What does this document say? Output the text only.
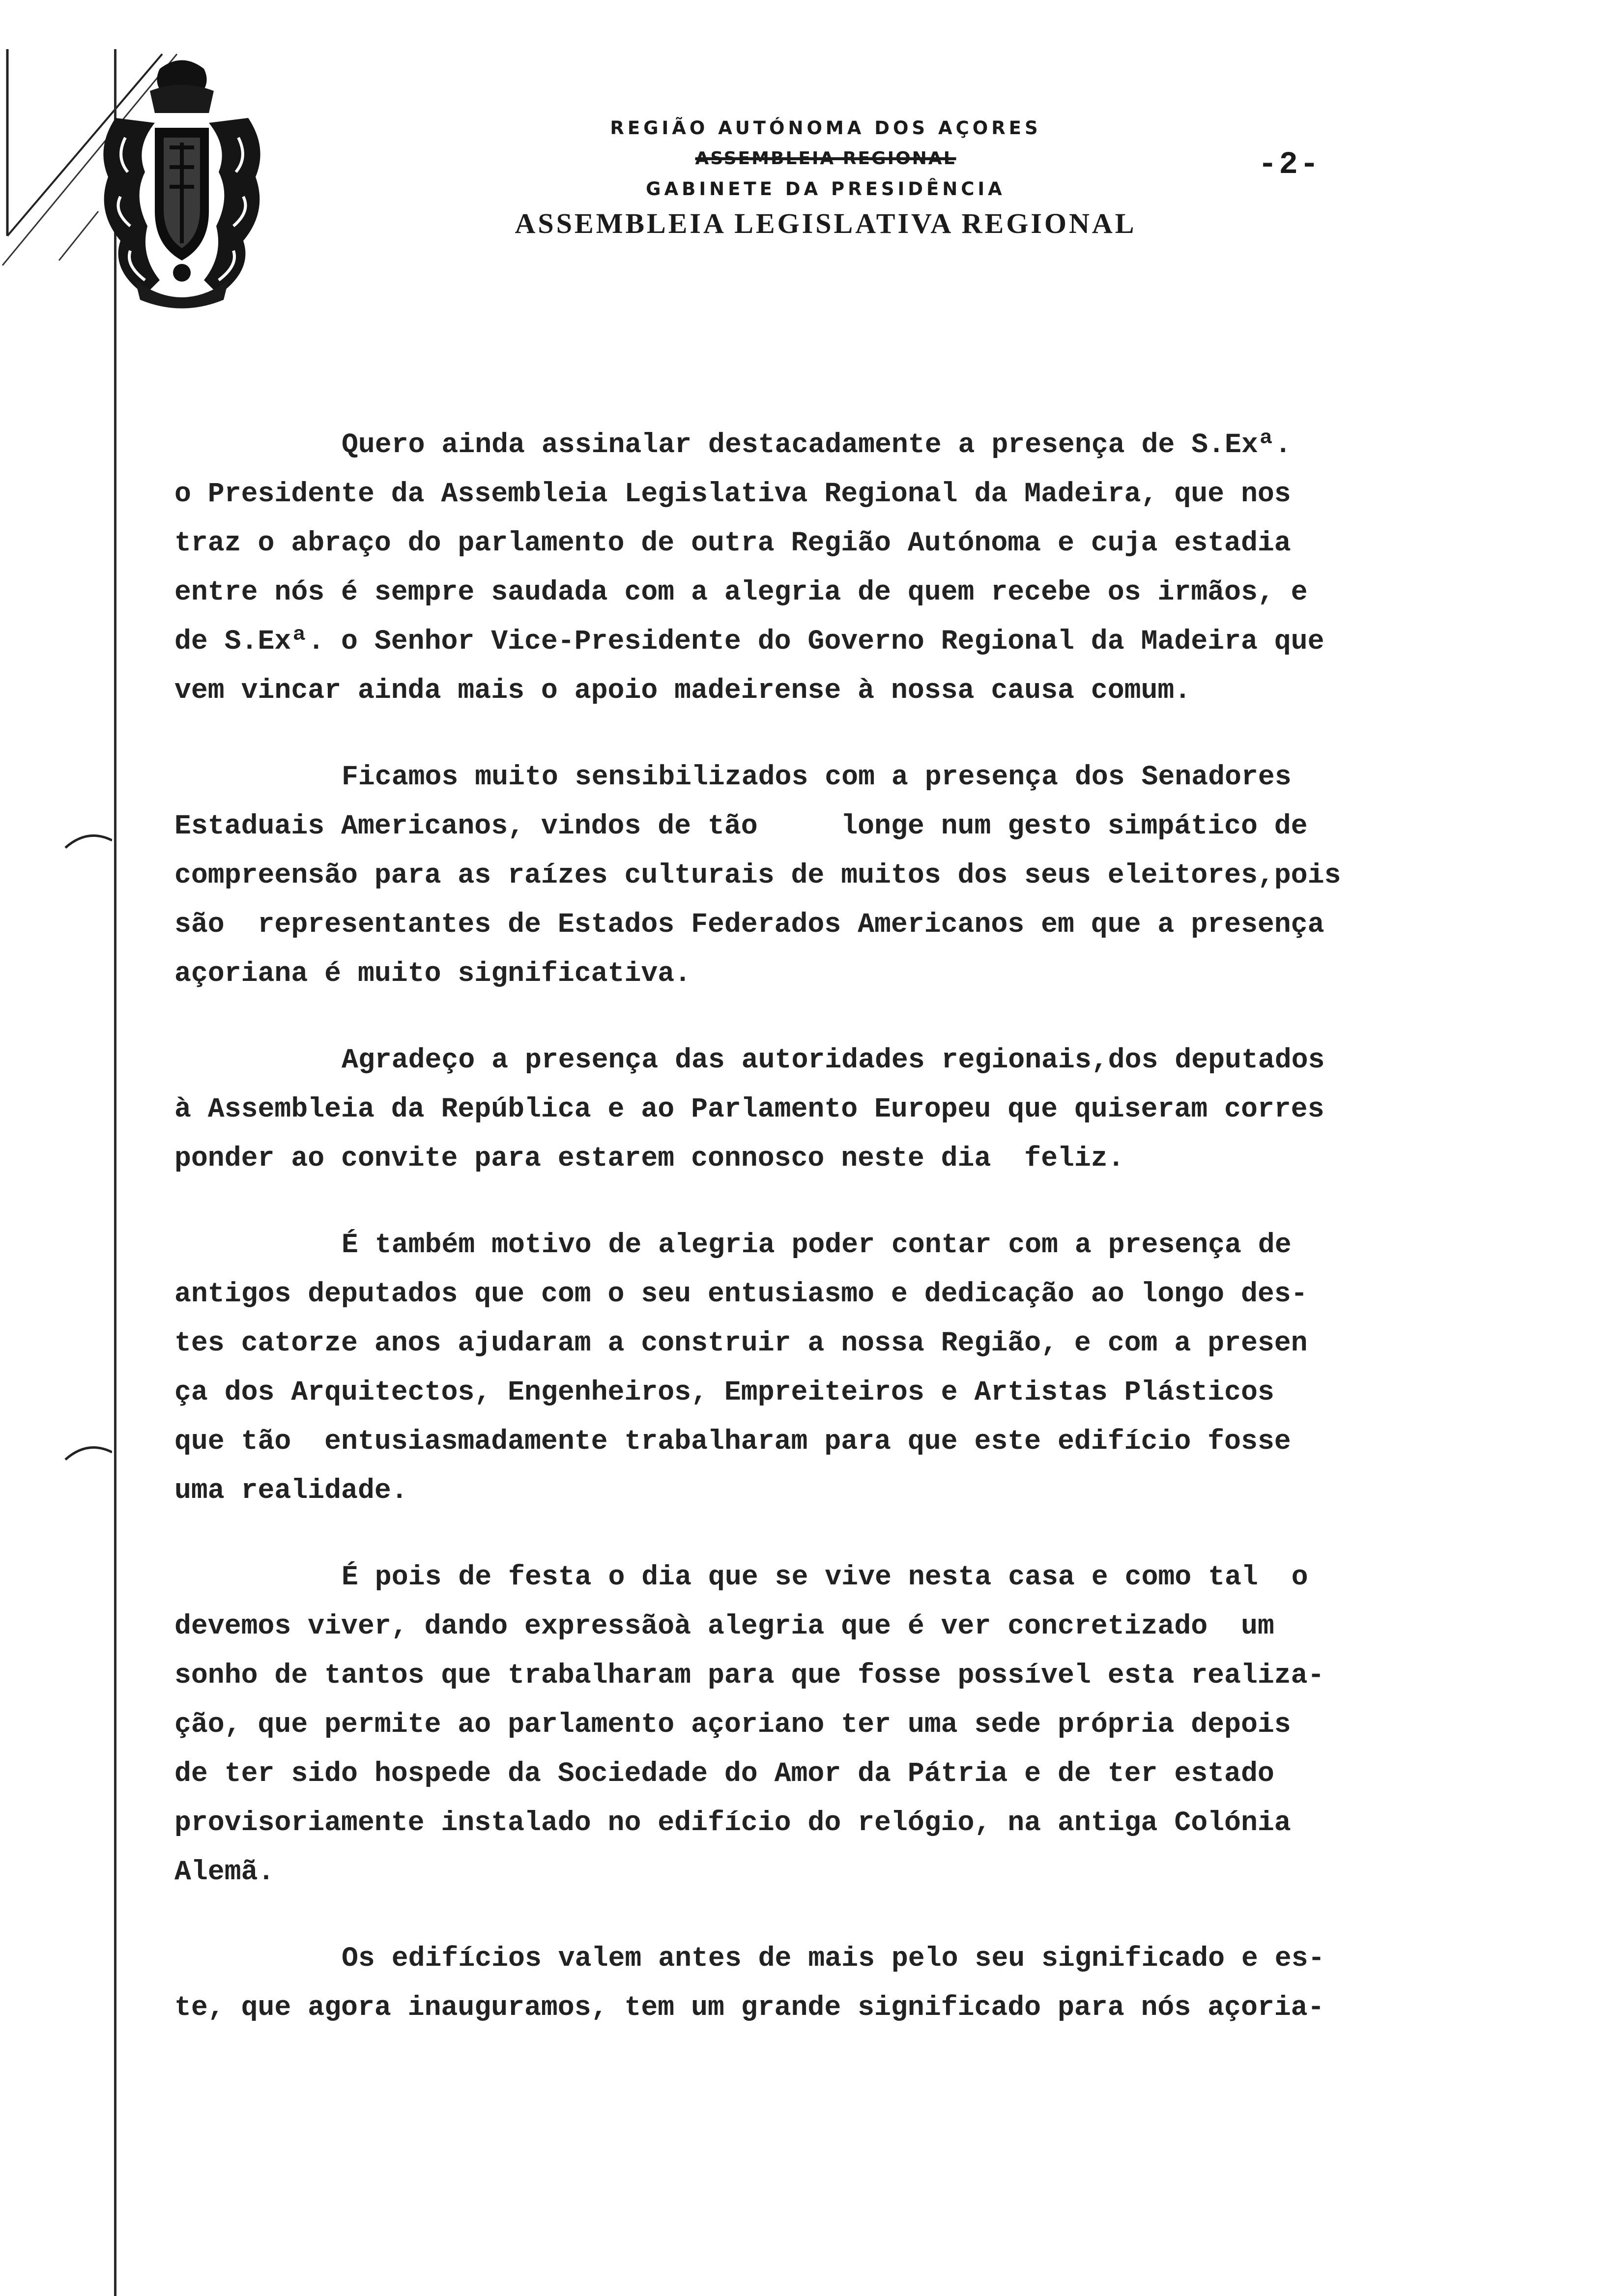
REGIÃO AUTÓNOMA DOS AÇORES
ASSEMBLEIA REGIONAL
GABINETE DA PRESIDÊNCIA
ASSEMBLEIA LEGISLATIVA REGIONAL
-2-
Quero ainda assinalar destacadamente a presença de S.Exª.
o Presidente da Assembleia Legislativa Regional da Madeira, que nos
traz o abraço do parlamento de outra Região Autónoma e cuja estadia
entre nós é sempre saudada com a alegria de quem recebe os irmãos, e
de S.Exª. o Senhor Vice-Presidente do Governo Regional da Madeira que
vem vincar ainda mais o apoio madeirense à nossa causa comum.
Ficamos muito sensibilizados com a presença dos Senadores
Estaduais Americanos, vindos de tão     longe num gesto simpático de
compreensão para as raízes culturais de muitos dos seus eleitores,pois
são  representantes de Estados Federados Americanos em que a presença
açoriana é muito significativa.
Agradeço a presença das autoridades regionais,dos deputados
à Assembleia da República e ao Parlamento Europeu que quiseram corres
ponder ao convite para estarem connosco neste dia  feliz.
É também motivo de alegria poder contar com a presença de
antigos deputados que com o seu entusiasmo e dedicação ao longo des-
tes catorze anos ajudaram a construir a nossa Região, e com a presen
ça dos Arquitectos, Engenheiros, Empreiteiros e Artistas Plásticos
que tão  entusiasmadamente trabalharam para que este edifício fosse
uma realidade.
É pois de festa o dia que se vive nesta casa e como tal  o
devemos viver, dando expressãoà alegria que é ver concretizado  um
sonho de tantos que trabalharam para que fosse possível esta realiza-
ção, que permite ao parlamento açoriano ter uma sede própria depois
de ter sido hospede da Sociedade do Amor da Pátria e de ter estado
provisoriamente instalado no edifício do relógio, na antiga Colónia
Alemã.
Os edifícios valem antes de mais pelo seu significado e es-
te, que agora inauguramos, tem um grande significado para nós açoria-
